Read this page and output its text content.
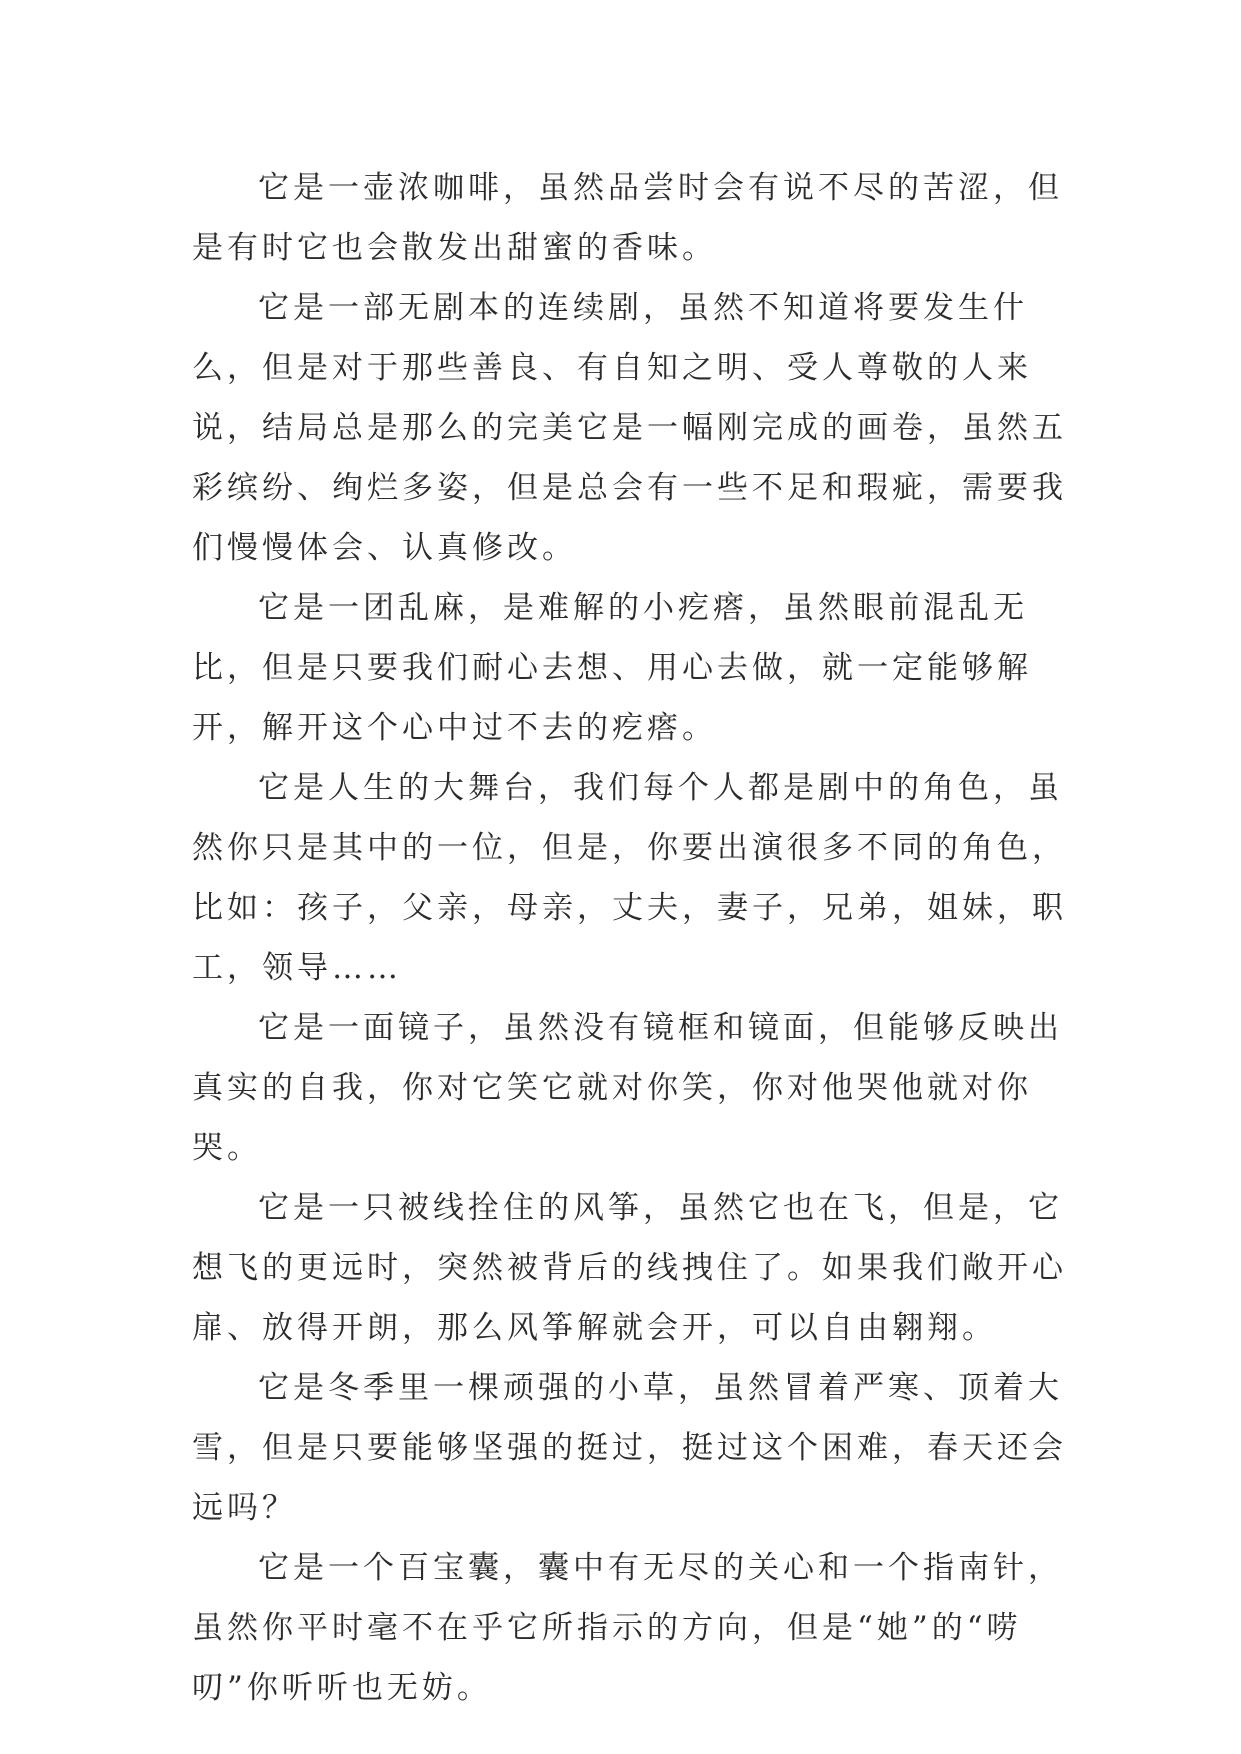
它是一壶浓咖啡，虽然品尝时会有说不尽的苦涩，但是有时它也会散发出甜蜜的香味。

它是一部无剧本的连续剧，虽然不知道将要发生什么，但是对于那些善良、有自知之明、受人尊敬的人来说，结局总是那么的完美它是一幅刚完成的画卷，虽然五彩缤纷、绚烂多姿，但是总会有一些不足和瑕疵，需要我们慢慢体会、认真修改。

它是一团乱麻，是难解的小疙瘩，虽然眼前混乱无比，但是只要我们耐心去想、用心去做，就一定能够解开，解开这个心中过不去的疙瘩。

它是人生的大舞台，我们每个人都是剧中的角色，虽然你只是其中的一位，但是，你要出演很多不同的角色，比如：孩子，父亲，母亲，丈夫，妻子，兄弟，姐妹，职工，领导……

它是一面镜子，虽然没有镜框和镜面，但能够反映出真实的自我，你对它笑它就对你笑，你对他哭他就对你哭。

它是一只被线拴住的风筝，虽然它也在飞，但是，它想飞的更远时，突然被背后的线拽住了。如果我们敞开心扉、放得开朗，那么风筝解就会开，可以自由翱翔。

它是冬季里一棵顽强的小草，虽然冒着严寒、顶着大雪，但是只要能够坚强的挺过，挺过这个困难，春天还会远吗？

它是一个百宝囊，囊中有无尽的关心和一个指南针，虽然你平时毫不在乎它所指示的方向，但是“她”的“唠叨”你听听也无妨。
